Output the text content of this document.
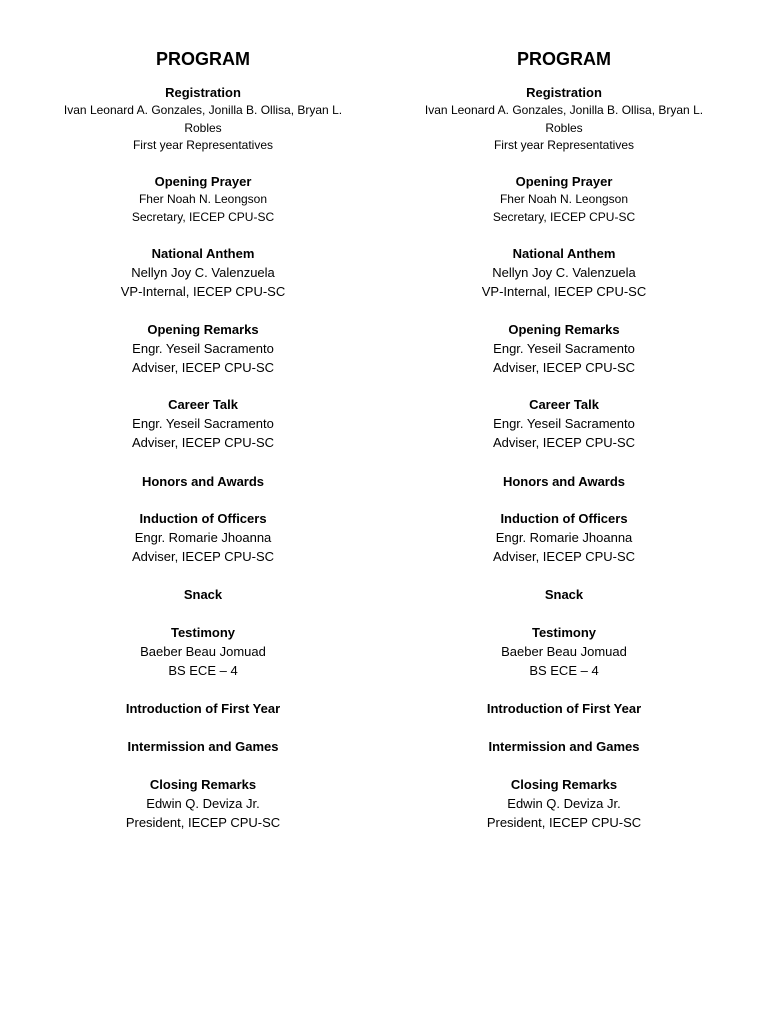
PROGRAM
Registration
Ivan Leonard A. Gonzales, Jonilla B. Ollisa, Bryan L. Robles
First year Representatives
Opening Prayer
Fher Noah N. Leongson
Secretary, IECEP CPU-SC
National Anthem
Nellyn Joy C. Valenzuela
VP-Internal, IECEP CPU-SC
Opening Remarks
Engr. Yeseil Sacramento
Adviser, IECEP CPU-SC
Career Talk
Engr. Yeseil Sacramento
Adviser, IECEP CPU-SC
Honors and Awards
Induction of Officers
Engr. Romarie Jhoanna
Adviser, IECEP CPU-SC
Snack
Testimony
Baeber Beau Jomuad
BS ECE – 4
Introduction of First Year
Intermission and Games
Closing Remarks
Edwin Q. Deviza Jr.
President, IECEP CPU-SC
PROGRAM
Registration
Ivan Leonard A. Gonzales, Jonilla B. Ollisa, Bryan L. Robles
First year Representatives
Opening Prayer
Fher Noah N. Leongson
Secretary, IECEP CPU-SC
National Anthem
Nellyn Joy C. Valenzuela
VP-Internal, IECEP CPU-SC
Opening Remarks
Engr. Yeseil Sacramento
Adviser, IECEP CPU-SC
Career Talk
Engr. Yeseil Sacramento
Adviser, IECEP CPU-SC
Honors and Awards
Induction of Officers
Engr. Romarie Jhoanna
Adviser, IECEP CPU-SC
Snack
Testimony
Baeber Beau Jomuad
BS ECE – 4
Introduction of First Year
Intermission and Games
Closing Remarks
Edwin Q. Deviza Jr.
President, IECEP CPU-SC
